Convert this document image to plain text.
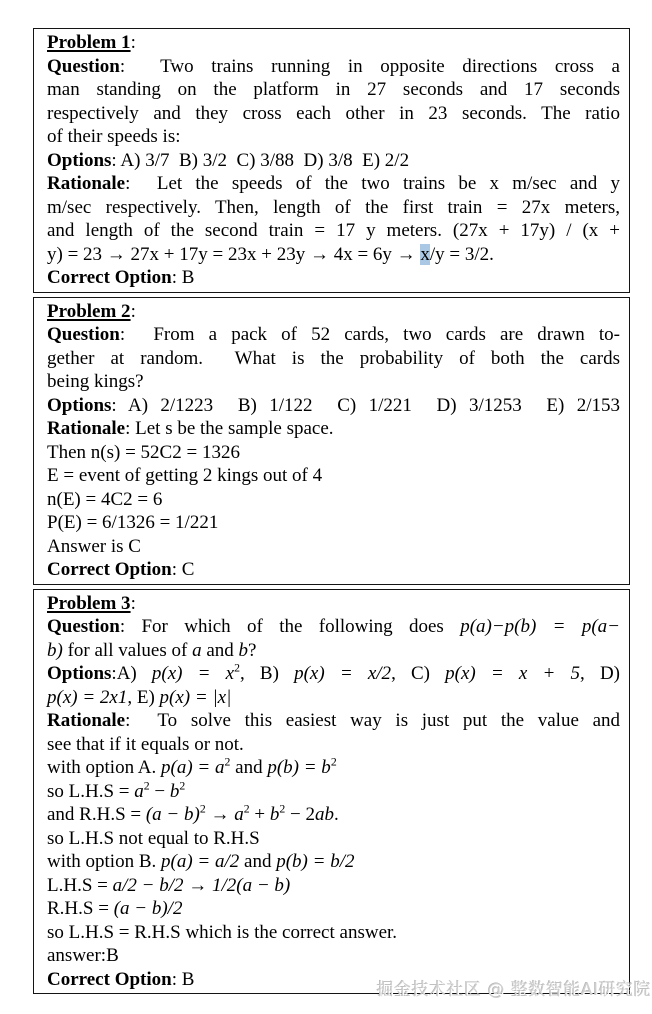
Problem 1:
Question:  Two trains running in opposite directions cross a
man standing on the platform in 27 seconds and 17 seconds
respectively and they cross each other in 23 seconds. The ratio
of their speeds is:
Options: A) 3/7  B) 3/2  C) 3/88  D) 3/8  E) 2/2
Rationale:  Let the speeds of the two trains be x m/sec and y
m/sec respectively. Then, length of the first train = 27x meters,
and length of the second train = 17 y meters. (27x + 17y) / (x +
y) = 23 → 27x + 17y = 23x + 23y → 4x = 6y → x/y = 3/2.
Correct Option: B
Problem 2:
Question:  From a pack of 52 cards, two cards are drawn to-
gether at random.  What is the probability of both the cards
being kings?
Options: A) 2/1223  B) 1/122  C) 1/221  D) 3/1253  E) 2/153
Rationale: Let s be the sample space.
Then n(s) = 52C2 = 1326
E = event of getting 2 kings out of 4
n(E) = 4C2 = 6
P(E) = 6/1326 = 1/221
Answer is C
Correct Option: C
Problem 3:
Question: For which of the following does p(a)−p(b) = p(a−
b) for all values of a and b?
Options:A) $p(x) = x^2$, B) p(x) = x/2, C) p(x) = x + 5, D)
p(x) = 2x1, E) p(x) = |x|
Rationale:  To solve this easiest way is just put the value and
see that if it equals or not.
with option A. $p(a) = a^2$ and $p(b) = b^2$
so $L.H.S = a^2 - b^2$
and $R.H.S = (a - b)^2 \to a^2 + b^2 - 2ab$.
so L.H.S not equal to R.H.S
with option B. p(a) = a/2 and p(b) = b/2
L.H.S = a/2 − b/2 → 1/2(a − b)
R.H.S = (a − b)/2
so L.H.S = R.H.S which is the correct answer.
answer:B
Correct Option: B
掘金技术社区 @ 整数智能AI研究院
